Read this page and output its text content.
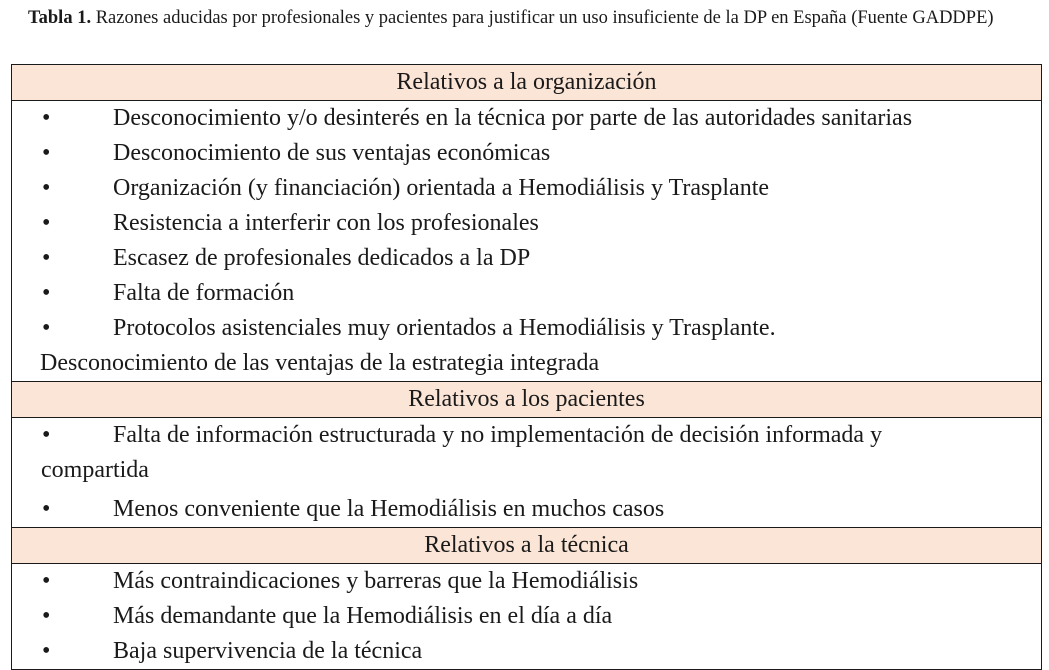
Tabla 1. Razones aducidas por profesionales y pacientes para justificar un uso insuficiente de la DP en España (Fuente GADDPE)
Relativos a la organización

•	Desconocimiento y/o desinterés en la técnica por parte de las autoridades sanitarias
•	Desconocimiento de sus ventajas económicas
•	Organización (y financiación) orientada a Hemodiálisis y Trasplante
•	Resistencia a interferir con los profesionales
•	Escasez de profesionales dedicados a la DP
•	Falta de formación
•	Protocolos asistenciales muy orientados a Hemodiálisis y Trasplante.
Desconocimiento de las ventajas de la estrategia integrada

Relativos a los pacientes

•	Falta de información estructurada y no implementación de decisión informada y
compartida
•	Menos conveniente que la Hemodiálisis en muchos casos

Relativos a la técnica

•	Más contraindicaciones y barreras que la Hemodiálisis
•	Más demandante que la Hemodiálisis en el día a día
•	Baja supervivencia de la técnica
